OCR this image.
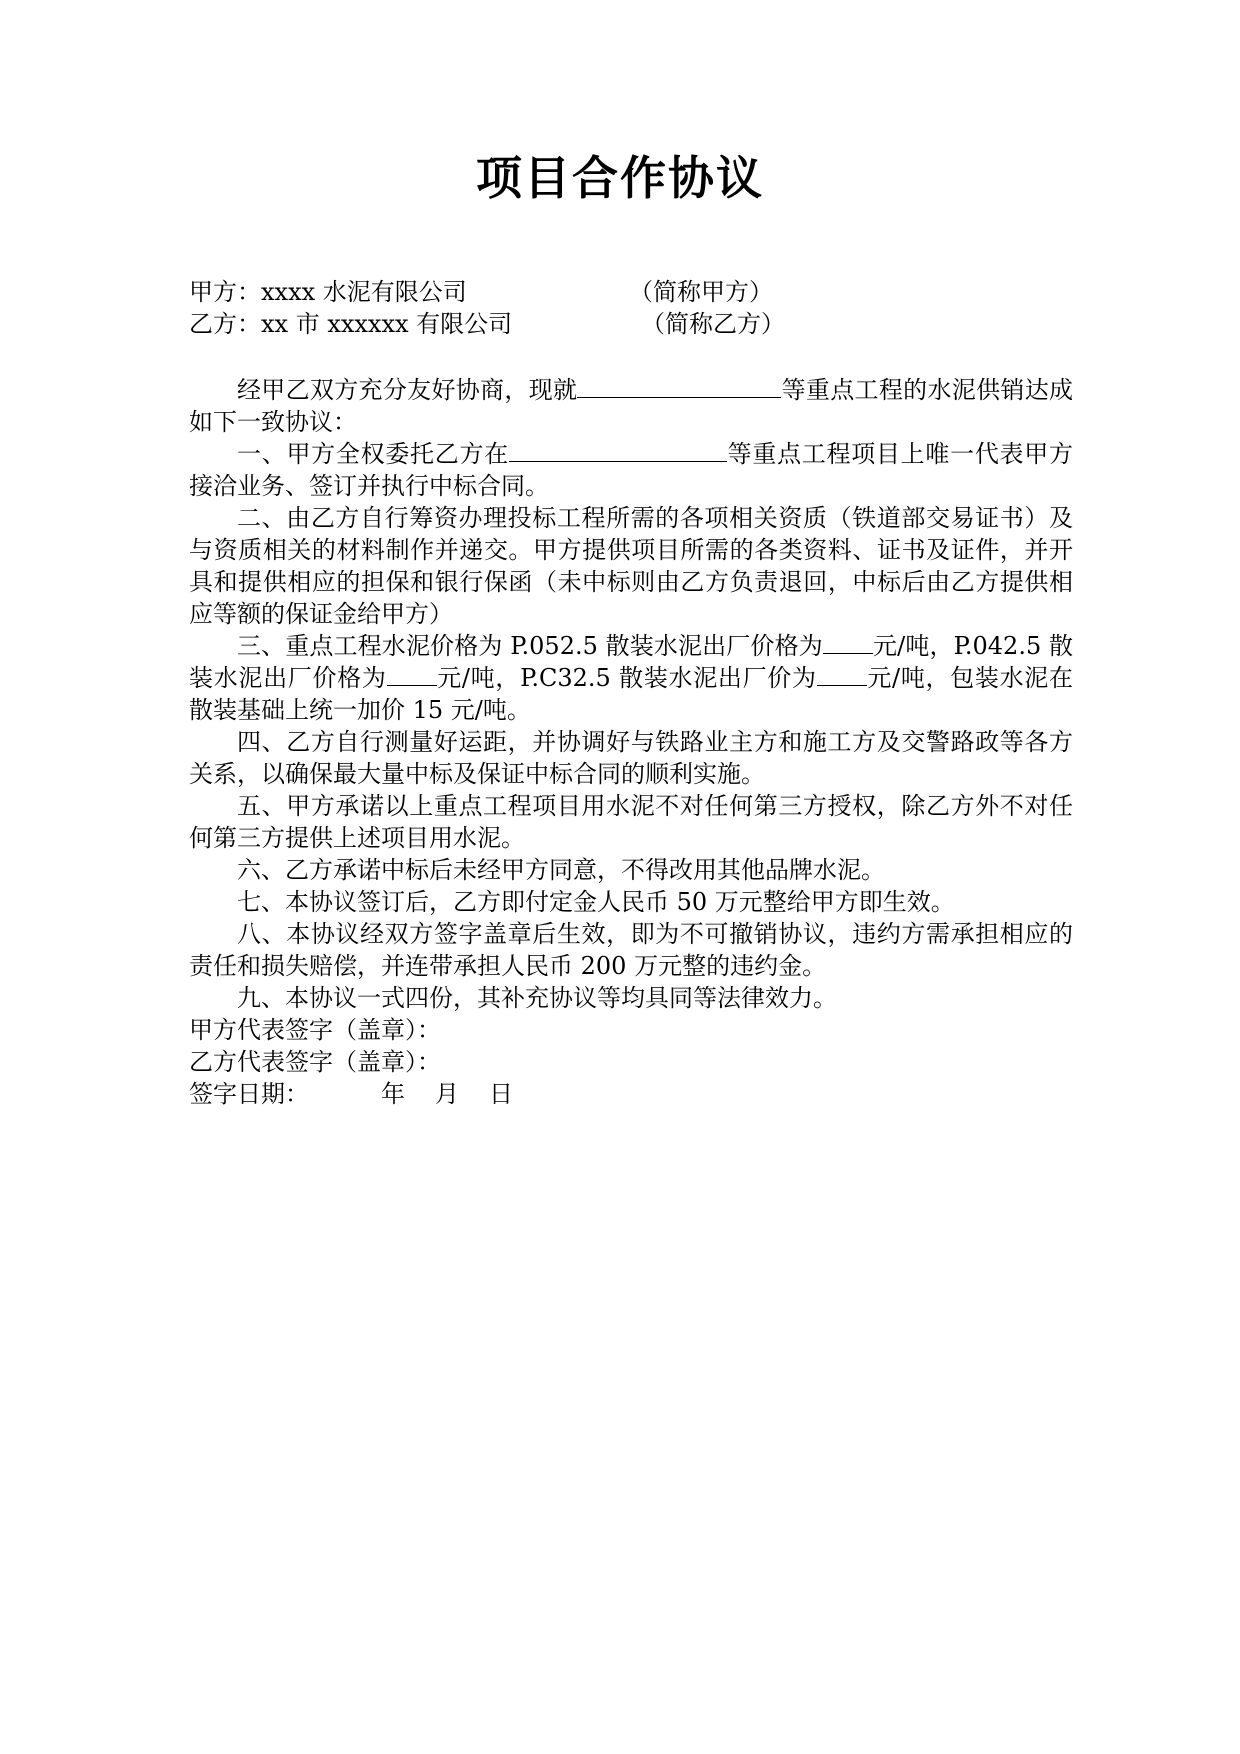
项目合作协议
甲方：xxxx 水泥有限公司	（简称甲方）
乙方：xx 市 xxxxxx 有限公司	（简称乙方）

经甲乙双方充分友好协商，现就	等重点工程的水泥供销达成如下一致协议：

一、甲方全权委托乙方在	等重点工程项目上唯一代表甲方接洽业务、签订并执行中标合同。

二、由乙方自行筹资办理投标工程所需的各项相关资质（铁道部交易证书）及与资质相关的材料制作并递交。甲方提供项目所需的各类资料、证书及证件，并开具和提供相应的担保和银行保函（未中标则由乙方负责退回，中标后由乙方提供相应等额的保证金给甲方）

三、重点工程水泥价格为 P.052.5 散装水泥出厂价格为 元/吨，P.042.5 散装水泥出厂价格为 元/吨，P.C32.5 散装水泥出厂价为 元/吨，包装水泥在散装基础上统一加价 15 元/吨。

四、乙方自行测量好运距，并协调好与铁路业主方和施工方及交警路政等各方关系，以确保最大量中标及保证中标合同的顺利实施。

五、甲方承诺以上重点工程项目用水泥不对任何第三方授权，除乙方外不对任何第三方提供上述项目用水泥。

六、乙方承诺中标后未经甲方同意，不得改用其他品牌水泥。

七、本协议签订后，乙方即付定金人民币 50 万元整给甲方即生效。

八、本协议经双方签字盖章后生效，即为不可撤销协议，违约方需承担相应的责任和损失赔偿，并连带承担人民币 200 万元整的违约金。

九、本协议一式四份，其补充协议等均具同等法律效力。

甲方代表签字（盖章）：

乙方代表签字（盖章）：

签字日期：	年 月 日
